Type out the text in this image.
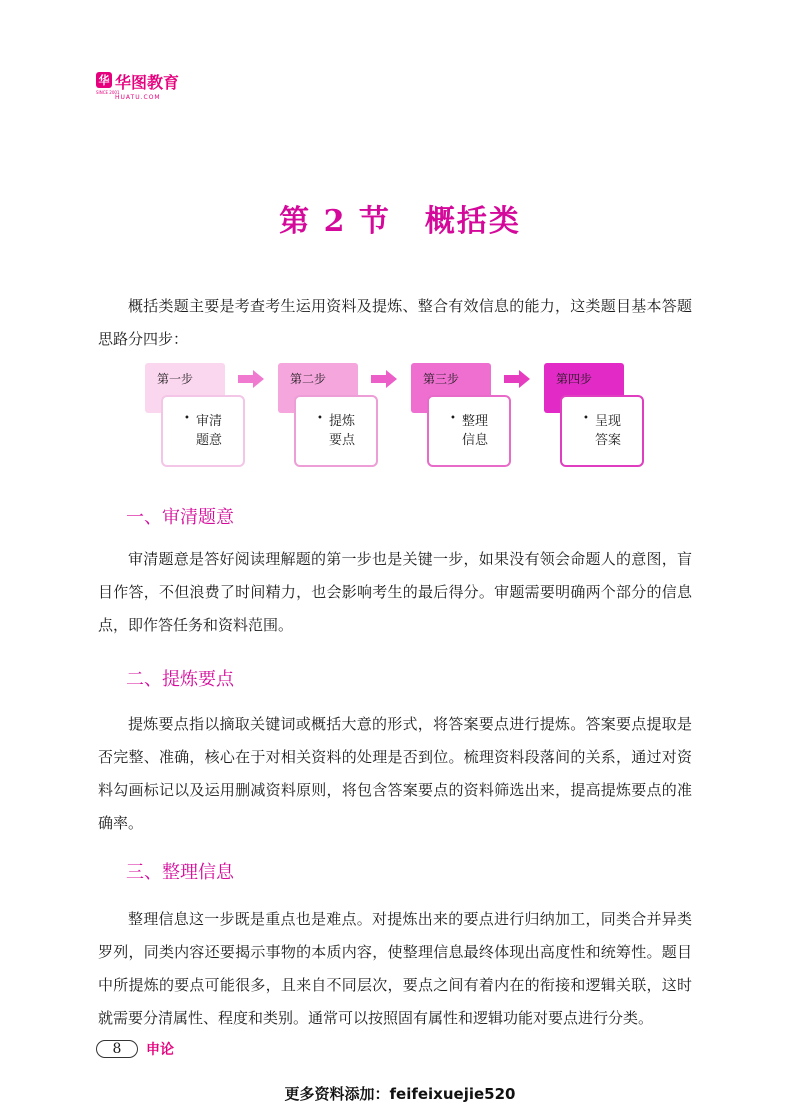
华 华图教育
HUATU.COM
SINCE 2001
第 2 节 概括类

概括类题主要是考查考生运用资料及提炼、整合有效信息的能力，这类题目基本答题思路分四步：

第一步
• 审清
题意
第二步
• 提炼
要点
第三步
• 整理
信息
第四步
• 呈现
答案
一、审清题意

审清题意是答好阅读理解题的第一步也是关键一步，如果没有领会命题人的意图，盲目作答，不但浪费了时间精力，也会影响考生的最后得分。审题需要明确两个部分的信息点，即作答任务和资料范围。

二、提炼要点

提炼要点指以摘取关键词或概括大意的形式，将答案要点进行提炼。答案要点提取是否完整、准确，核心在于对相关资料的处理是否到位。梳理资料段落间的关系，通过对资料勾画标记以及运用删减资料原则，将包含答案要点的资料筛选出来，提高提炼要点的准确率。

三、整理信息

整理信息这一步既是重点也是难点。对提炼出来的要点进行归纳加工，同类合并异类罗列，同类内容还要揭示事物的本质内容，使整理信息最终体现出高度性和统筹性。题目中所提炼的要点可能很多，且来自不同层次，要点之间有着内在的衔接和逻辑关联，这时就需要分清属性、程度和类别。通常可以按照固有属性和逻辑功能对要点进行分类。

8	申论
更多资料添加：feifeixuejie520
